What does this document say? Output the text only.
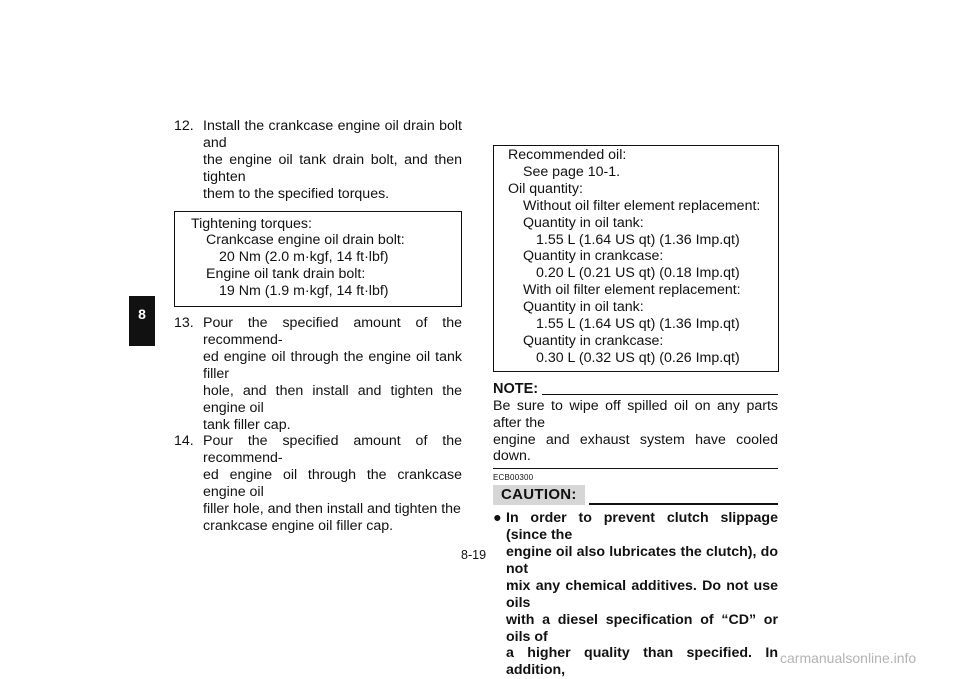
8
12. Install the crankcase engine oil drain bolt and
the engine oil tank drain bolt, and then tighten
them to the specified torques.
Tightening torques:
Crankcase engine oil drain bolt:
20 Nm (2.0 m·kgf, 14 ft·lbf)
Engine oil tank drain bolt:
19 Nm (1.9 m·kgf, 14 ft·lbf)
13. Pour the specified amount of the recommend-
ed engine oil through the engine oil tank filler
hole, and then install and tighten the engine oil
tank filler cap.
14. Pour the specified amount of the recommend-
ed engine oil through the crankcase engine oil
filler hole, and then install and tighten the
crankcase engine oil filler cap.
Recommended oil:
See page 10-1.
Oil quantity:
Without oil filter element replacement:
Quantity in oil tank:
1.55 L (1.64 US qt) (1.36 Imp.qt)
Quantity in crankcase:
0.20 L (0.21 US qt) (0.18 Imp.qt)
With oil filter element replacement:
Quantity in oil tank:
1.55 L (1.64 US qt) (1.36 Imp.qt)
Quantity in crankcase:
0.30 L (0.32 US qt) (0.26 Imp.qt)
NOTE:
Be sure to wipe off spilled oil on any parts after the
engine and exhaust system have cooled down.
ECB00300
CAUTION:
● In order to prevent clutch slippage (since the
engine oil also lubricates the clutch), do not
mix any chemical additives. Do not use oils
with a diesel specification of “CD” or oils of
a higher quality than specified. In addition,
8-19
carmanualsonline.info
